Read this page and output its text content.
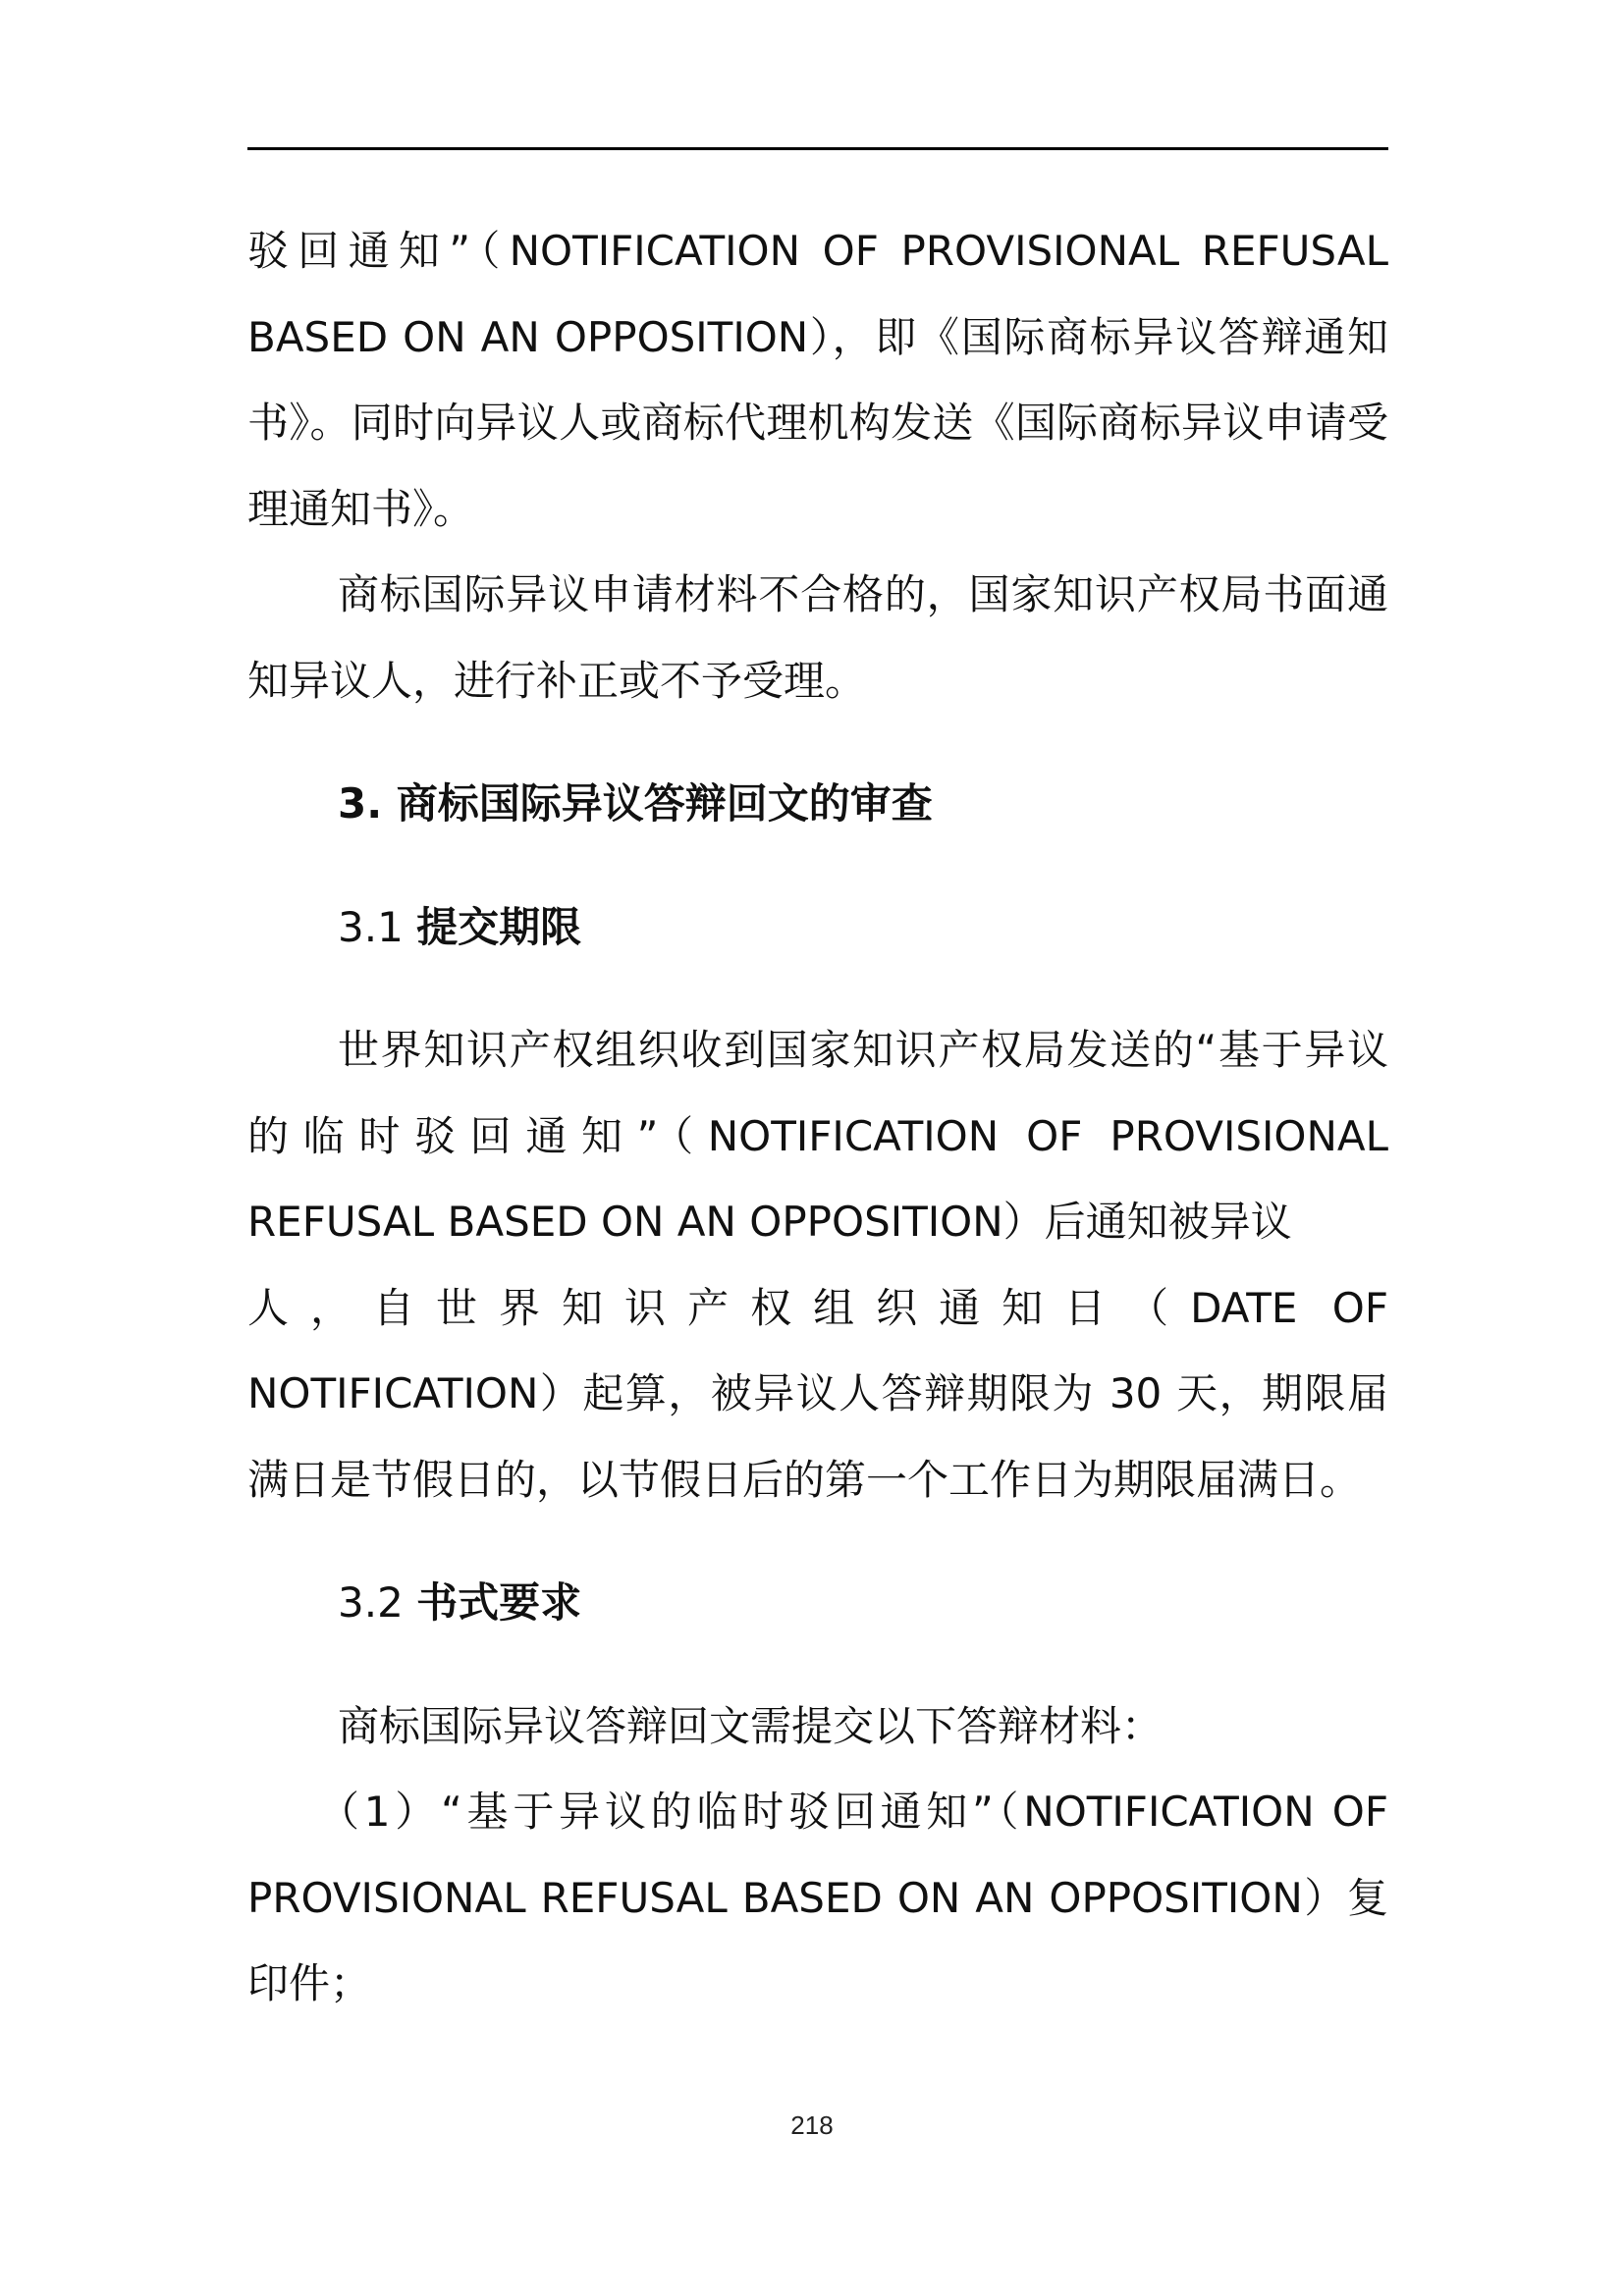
驳回通知”（NOTIFICATION OF PROVISIONAL REFUSAL BASED ON AN OPPOSITION），即《国际商标异议答辩通知书》。同时向异议人或商标代理机构发送《国际商标异议申请受理通知书》。

商标国际异议申请材料不合格的，国家知识产权局书面通知异议人，进行补正或不予受理。

3. 商标国际异议答辩回文的审查

3.1 提交期限

世界知识产权组织收到国家知识产权局发送的“基于异议的临时驳回通知”（NOTIFICATION OF PROVISIONAL REFUSAL BASED ON AN OPPOSITION）后通知被异议

人，自世界知识产权组织通知日（DATE OF

NOTIFICATION）起算，被异议人答辩期限为 30 天，期限届满日是节假日的，以节假日后的第一个工作日为期限届满日。

3.2 书式要求

商标国际异议答辩回文需提交以下答辩材料：

（1）“基于异议的临时驳回通知”（NOTIFICATION OF PROVISIONAL REFUSAL BASED ON AN OPPOSITION）复印件；

218
